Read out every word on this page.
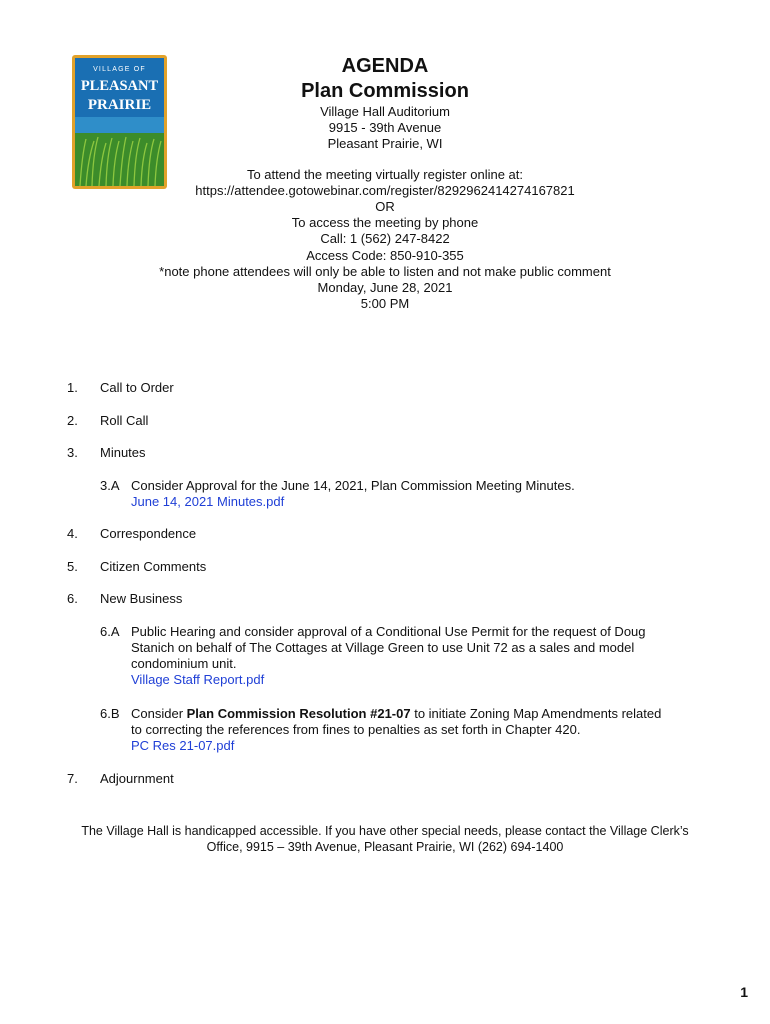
VILLAGE OF
PLEASANT
PRAIRIE
AGENDA
Plan Commission
Village Hall Auditorium
9915 - 39th Avenue
Pleasant Prairie, WI
To attend the meeting virtually register online at:
https://attendee.gotowebinar.com/register/8292962414274167821
OR
To access the meeting by phone
Call: 1 (562) 247-8422
Access Code: 850-910-355
*note phone attendees will only be able to listen and not make public comment
Monday, June 28, 2021
5:00 PM
1. Call to Order
2. Roll Call
3. Minutes
3.A Consider Approval for the June 14, 2021, Plan Commission Meeting Minutes.
June 14, 2021 Minutes.pdf
4. Correspondence
5. Citizen Comments
6. New Business
6.A Public Hearing and consider approval of a Conditional Use Permit for the request of Doug
Stanich on behalf of The Cottages at Village Green to use Unit 72 as a sales and model
condominium unit.
Village Staff Report.pdf
6.B Consider Plan Commission Resolution #21-07 to initiate Zoning Map Amendments related
to correcting the references from fines to penalties as set forth in Chapter 420.
PC Res 21-07.pdf
7. Adjournment
The Village Hall is handicapped accessible. If you have other special needs, please contact the Village Clerk’s
Office, 9915 – 39th Avenue, Pleasant Prairie, WI (262) 694-1400
1
